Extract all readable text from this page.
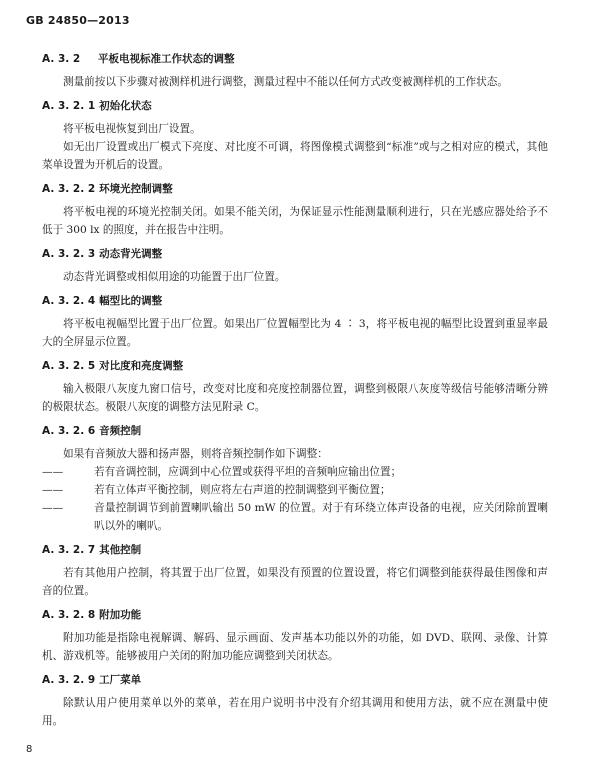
GB 24850—2013

A. 3. 2 平板电视标准工作状态的调整

测量前按以下步骤对被测样机进行调整，测量过程中不能以任何方式改变被测样机的工作状态。

A. 3. 2. 1 初始化状态

将平板电视恢复到出厂设置。

如无出厂设置或出厂模式下亮度、对比度不可调，将图像模式调整到“标准”或与之相对应的模式，其他菜单设置为开机后的设置。

A. 3. 2. 2 环境光控制调整

将平板电视的环境光控制关闭。如果不能关闭，为保证显示性能测量顺利进行，只在光感应器处给予不低于 300 lx 的照度，并在报告中注明。

A. 3. 2. 3 动态背光调整

动态背光调整或相似用途的功能置于出厂位置。

A. 3. 2. 4 幅型比的调整

将平板电视幅型比置于出厂位置。如果出厂位置幅型比为 4 ∶ 3，将平板电视的幅型比设置到重显率最大的全屏显示位置。

A. 3. 2. 5 对比度和亮度调整

输入极限八灰度九窗口信号，改变对比度和亮度控制器位置，调整到极限八灰度等级信号能够清晰分辨的极限状态。极限八灰度的调整方法见附录 C。

A. 3. 2. 6 音频控制

如果有音频放大器和扬声器，则将音频控制作如下调整：

——	若有音调控制，应调到中心位置或获得平坦的音频响应输出位置；
——	若有立体声平衡控制，则应将左右声道的控制调整到平衡位置；
——	音量控制调节到前置喇叭输出 50 mW 的位置。对于有环绕立体声设备的电视，应关闭除前置喇叭以外的喇叭。

A. 3. 2. 7 其他控制

若有其他用户控制，将其置于出厂位置，如果没有预置的位置设置，将它们调整到能获得最佳图像和声音的位置。

A. 3. 2. 8 附加功能

附加功能是指除电视解调、解码、显示画面、发声基本功能以外的功能，如 DVD、联网、录像、计算机、游戏机等。能够被用户关闭的附加功能应调整到关闭状态。

A. 3. 2. 9 工厂菜单

除默认用户使用菜单以外的菜单，若在用户说明书中没有介绍其调用和使用方法，就不应在测量中使用。

8
